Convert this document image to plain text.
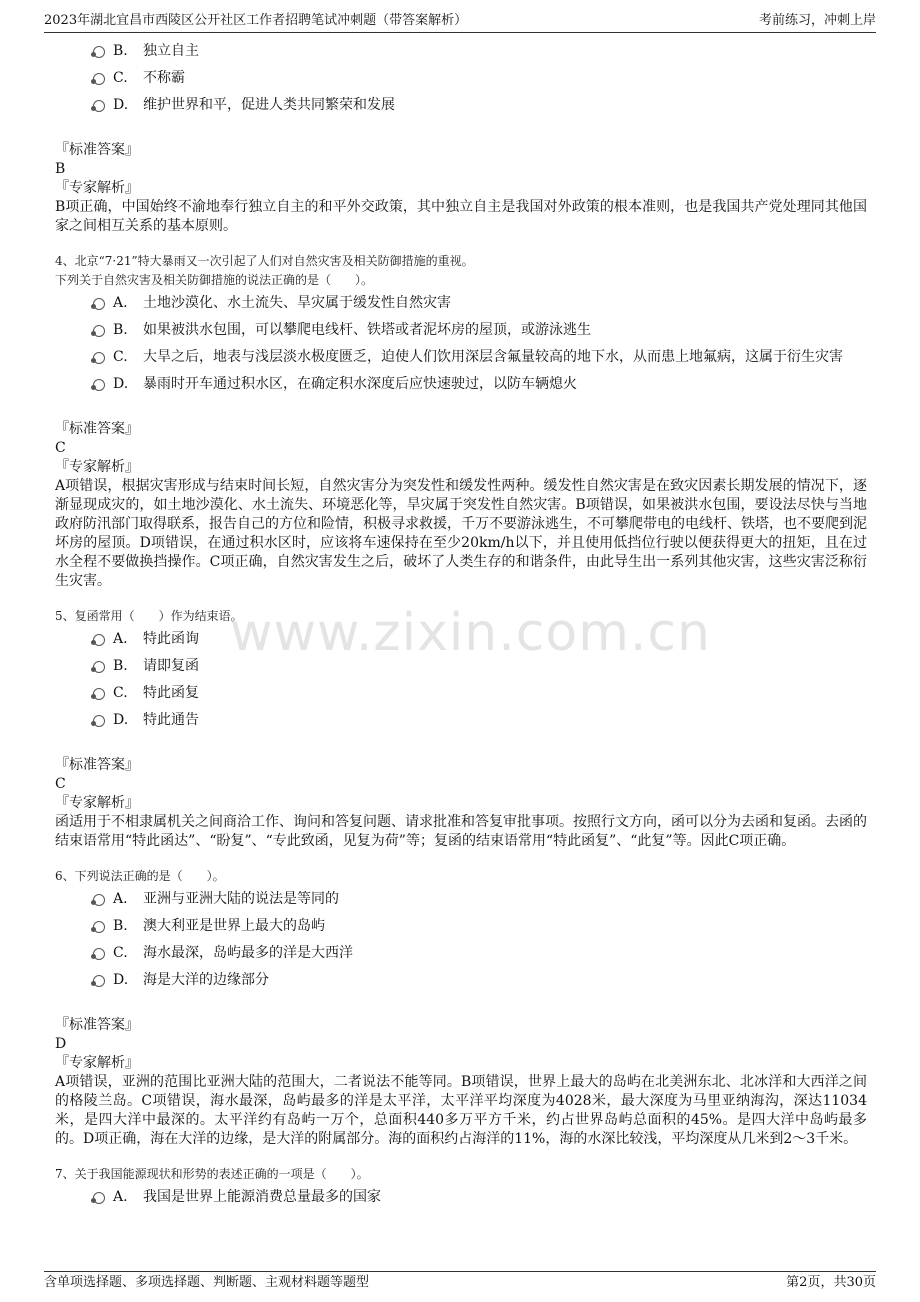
2023年湖北宜昌市西陵区公开社区工作者招聘笔试冲刺题（带答案解析）	考前练习，冲刺上岸
www.zixin.com.cn
B. 独立自主
C. 不称霸
D. 维护世界和平，促进人类共同繁荣和发展
『标准答案』
B
『专家解析』
B项正确，中国始终不渝地奉行独立自主的和平外交政策，其中独立自主是我国对外政策的根本准则，也是我国共产党处理同其他国家之间相互关系的基本原则。
4、北京“7·21”特大暴雨又一次引起了人们对自然灾害及相关防御措施的重视。
下列关于自然灾害及相关防御措施的说法正确的是（　　）。
A. 土地沙漠化、水土流失、旱灾属于缓发性自然灾害
B. 如果被洪水包围，可以攀爬电线杆、铁塔或者泥坏房的屋顶，或游泳逃生
C. 大旱之后，地表与浅层淡水极度匮乏，迫使人们饮用深层含氟量较高的地下水，从而患上地氟病，这属于衍生灾害
D. 暴雨时开车通过积水区，在确定积水深度后应快速驶过，以防车辆熄火
『标准答案』
C
『专家解析』
A项错误，根据灾害形成与结束时间长短，自然灾害分为突发性和缓发性两种。缓发性自然灾害是在致灾因素长期发展的情况下，逐渐显现成灾的，如土地沙漠化、水土流失、环境恶化等，旱灾属于突发性自然灾害。B项错误，如果被洪水包围，要设法尽快与当地政府防汛部门取得联系，报告自己的方位和险情，积极寻求救援，千万不要游泳逃生，不可攀爬带电的电线杆、铁塔，也不要爬到泥坏房的屋顶。D项错误，在通过积水区时，应该将车速保持在至少20km/h以下，并且使用低挡位行驶以便获得更大的扭矩，且在过水全程不要做换挡操作。C项正确，自然灾害发生之后，破坏了人类生存的和谐条件，由此导生出一系列其他灾害，这些灾害泛称衍生灾害。
5、复函常用（　　）作为结束语。
A. 特此函询
B. 请即复函
C. 特此函复
D. 特此通告
『标准答案』
C
『专家解析』
函适用于不相隶属机关之间商洽工作、询问和答复问题、请求批准和答复审批事项。按照行文方向，函可以分为去函和复函。去函的结束语常用“特此函达”、“盼复”、“专此致函，见复为荷”等；复函的结束语常用“特此函复”、“此复”等。因此C项正确。
6、下列说法正确的是（　　）。
A. 亚洲与亚洲大陆的说法是等同的
B. 澳大利亚是世界上最大的岛屿
C. 海水最深，岛屿最多的洋是大西洋
D. 海是大洋的边缘部分
『标准答案』
D
『专家解析』
A项错误，亚洲的范围比亚洲大陆的范围大，二者说法不能等同。B项错误，世界上最大的岛屿在北美洲东北、北冰洋和大西洋之间的格陵兰岛。C项错误，海水最深，岛屿最多的洋是太平洋，太平洋平均深度为4028米，最大深度为马里亚纳海沟，深达11034米，是四大洋中最深的。太平洋约有岛屿一万个，总面积440多万平方千米，约占世界岛屿总面积的45%。是四大洋中岛屿最多的。D项正确，海在大洋的边缘，是大洋的附属部分。海的面积约占海洋的11%，海的水深比较浅，平均深度从几米到2～3千米。
7、关于我国能源现状和形势的表述正确的一项是（　　）。
A. 我国是世界上能源消费总量最多的国家
含单项选择题、多项选择题、判断题、主观材料题等题型	第2页，共30页
